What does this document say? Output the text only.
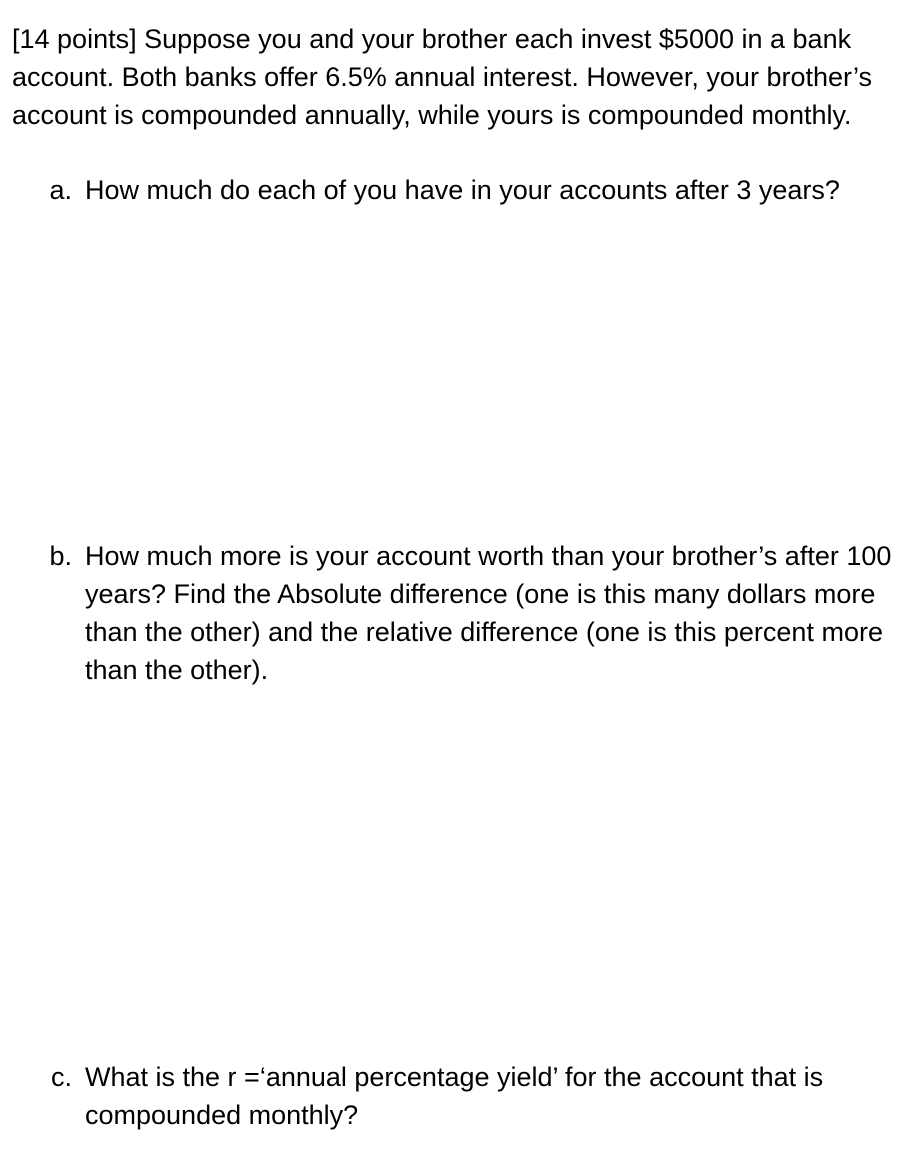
[14 points] Suppose you and your brother each invest $5000 in a bank account. Both banks offer 6.5% annual interest. However, your brother’s account is compounded annually, while yours is compounded monthly.

a. How much do each of you have in your accounts after 3 years?

b. How much more is your account worth than your brother’s after 100 years? Find the Absolute difference (one is this many dollars more than the other) and the relative difference (one is this percent more than the other).

c. What is the r =‘annual percentage yield’ for the account that is compounded monthly?
